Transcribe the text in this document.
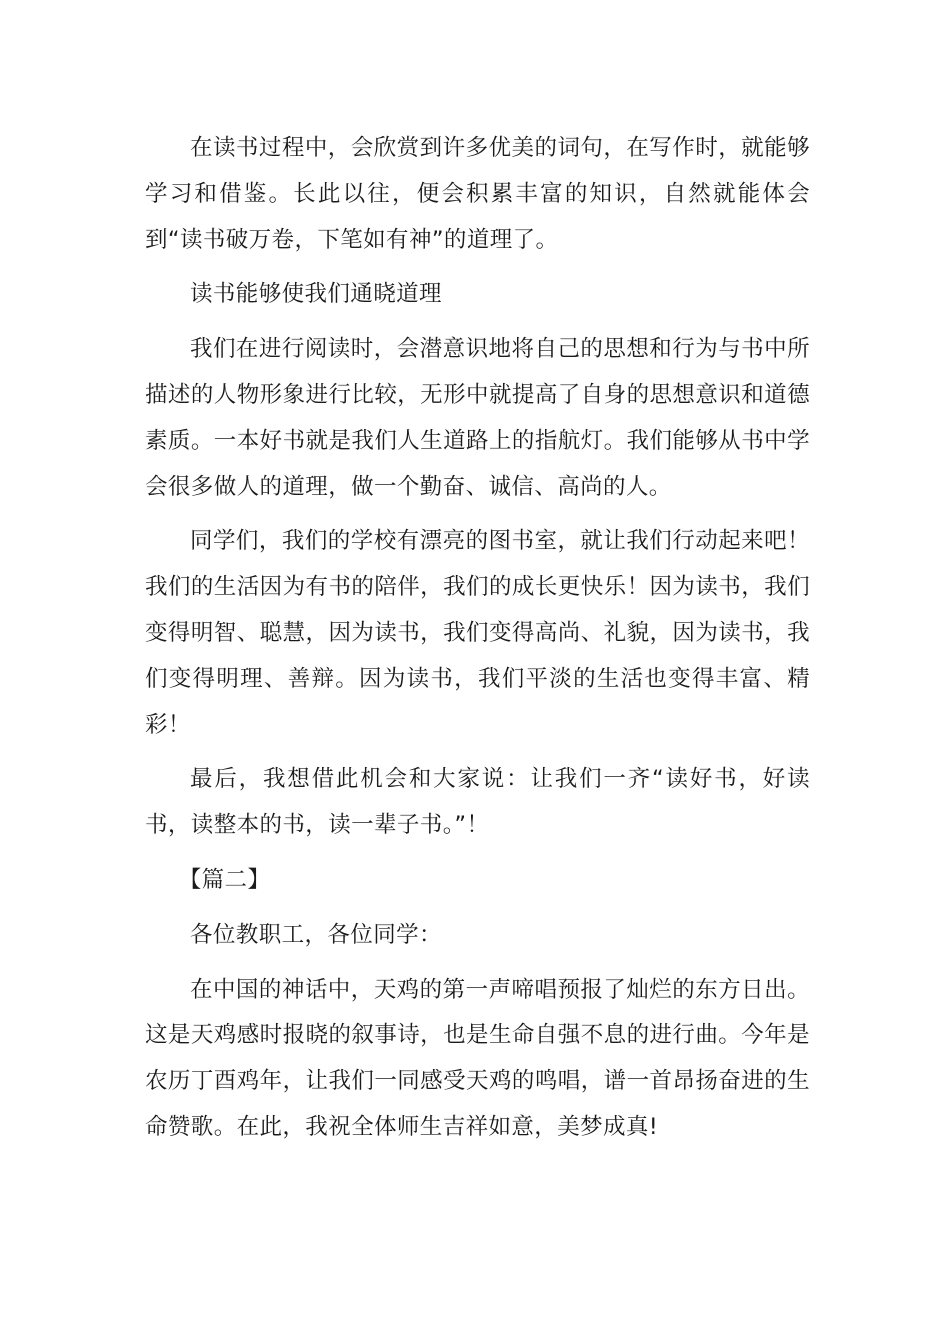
在读书过程中，会欣赏到许多优美的词句，在写作时，就能够学习和借鉴。长此以往，便会积累丰富的知识，自然就能体会到“读书破万卷，下笔如有神”的道理了。

读书能够使我们通晓道理

我们在进行阅读时，会潜意识地将自己的思想和行为与书中所描述的人物形象进行比较，无形中就提高了自身的思想意识和道德素质。一本好书就是我们人生道路上的指航灯。我们能够从书中学会很多做人的道理，做一个勤奋、诚信、高尚的人。

同学们，我们的学校有漂亮的图书室，就让我们行动起来吧！我们的生活因为有书的陪伴，我们的成长更快乐！因为读书，我们变得明智、聪慧，因为读书，我们变得高尚、礼貌，因为读书，我们变得明理、善辩。因为读书，我们平淡的生活也变得丰富、精彩！

最后，我想借此机会和大家说：让我们一齐“读好书，好读书，读整本的书，读一辈子书。”！

【篇二】

各位教职工，各位同学：

在中国的神话中，天鸡的第一声啼唱预报了灿烂的东方日出。这是天鸡感时报晓的叙事诗，也是生命自强不息的进行曲。今年是农历丁酉鸡年，让我们一同感受天鸡的鸣唱，谱一首昂扬奋进的生命赞歌。在此，我祝全体师生吉祥如意，美梦成真!
